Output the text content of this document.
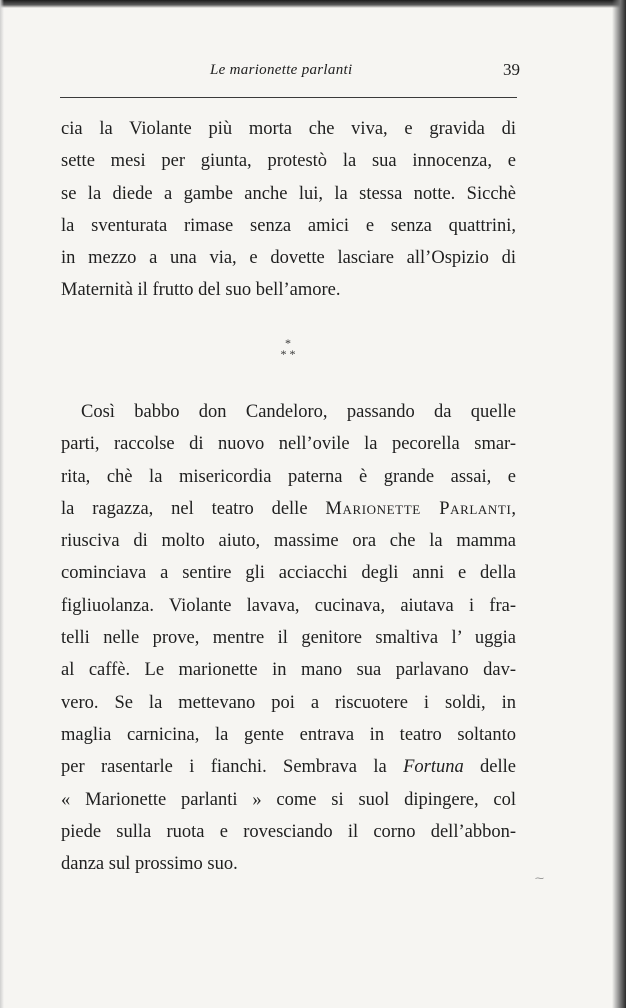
Le marionette parlanti	39
cia la Violante più morta che viva, e gravida di
sette mesi per giunta, protestò la sua innocenza, e
se la diede a gambe anche lui, la stessa notte. Sicchè
la sventurata rimase senza amici e senza quattrini,
in mezzo a una via, e dovette lasciare all’Ospizio di
Maternità il frutto del suo bell’amore.
*
* *
Così babbo don Candeloro, passando da quelle
parti, raccolse di nuovo nell’ovile la pecorella smar-
rita, chè la misericordia paterna è grande assai, e
la ragazza, nel teatro delle Marionette Parlanti,
riusciva di molto aiuto, massime ora che la mamma
cominciava a sentire gli acciacchi degli anni e della
figliuolanza. Violante lavava, cucinava, aiutava i fra-
telli nelle prove, mentre il genitore smaltiva l’ uggia
al caffè. Le marionette in mano sua parlavano dav-
vero. Se la mettevano poi a riscuotere i soldi, in
maglia carnicina, la gente entrava in teatro soltanto
per rasentarle i fianchi. Sembrava la Fortuna delle
« Marionette parlanti » come si suol dipingere, col
piede sulla ruota e rovesciando il corno dell’abbon-
danza sul prossimo suo.
⁓
